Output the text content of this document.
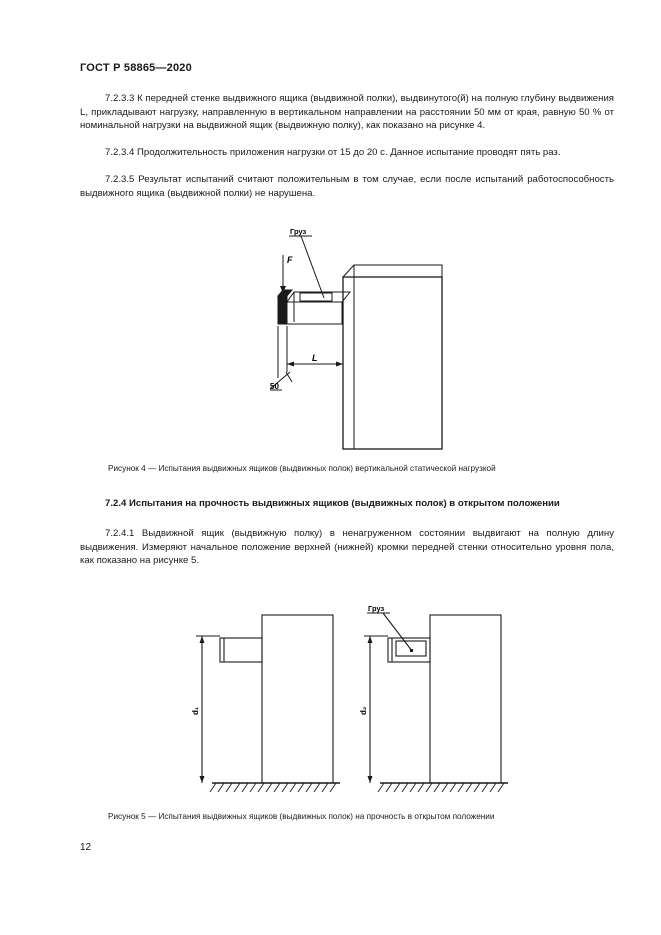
ГОСТ Р 58865—2020

7.2.3.3 К передней стенке выдвижного ящика (выдвижной полки), выдвинутого(й) на полную глубину выдвижения L, прикладывают нагрузку, направленную в вертикальном направлении на расстоянии 50 мм от края, равную 50 % от номинальной нагрузки на выдвижной ящик (выдвижную полку), как показано на рисунке 4.

7.2.3.4 Продолжительность приложения нагрузки от 15 до 20 с. Данное испытание проводят пять раз.

7.2.3.5 Результат испытаний считают положительным в том случае, если после испытаний работоспособность выдвижного ящика (выдвижной полки) не нарушена.

Груз
F
L
50
d₁
Груз
d₂
Рисунок 4 — Испытания выдвижных ящиков (выдвижных полок) вертикальной статической нагрузкой

7.2.4 Испытания на прочность выдвижных ящиков (выдвижных полок) в открытом положении

7.2.4.1 Выдвижной ящик (выдвижную полку) в ненагруженном состоянии выдвигают на полную длину выдвижения. Измеряют начальное положение верхней (нижней) кромки передней стенки относительно уровня пола, как показано на рисунке 5.

Рисунок 5 — Испытания выдвижных ящиков (выдвижных полок) на прочность в открытом положении
12
